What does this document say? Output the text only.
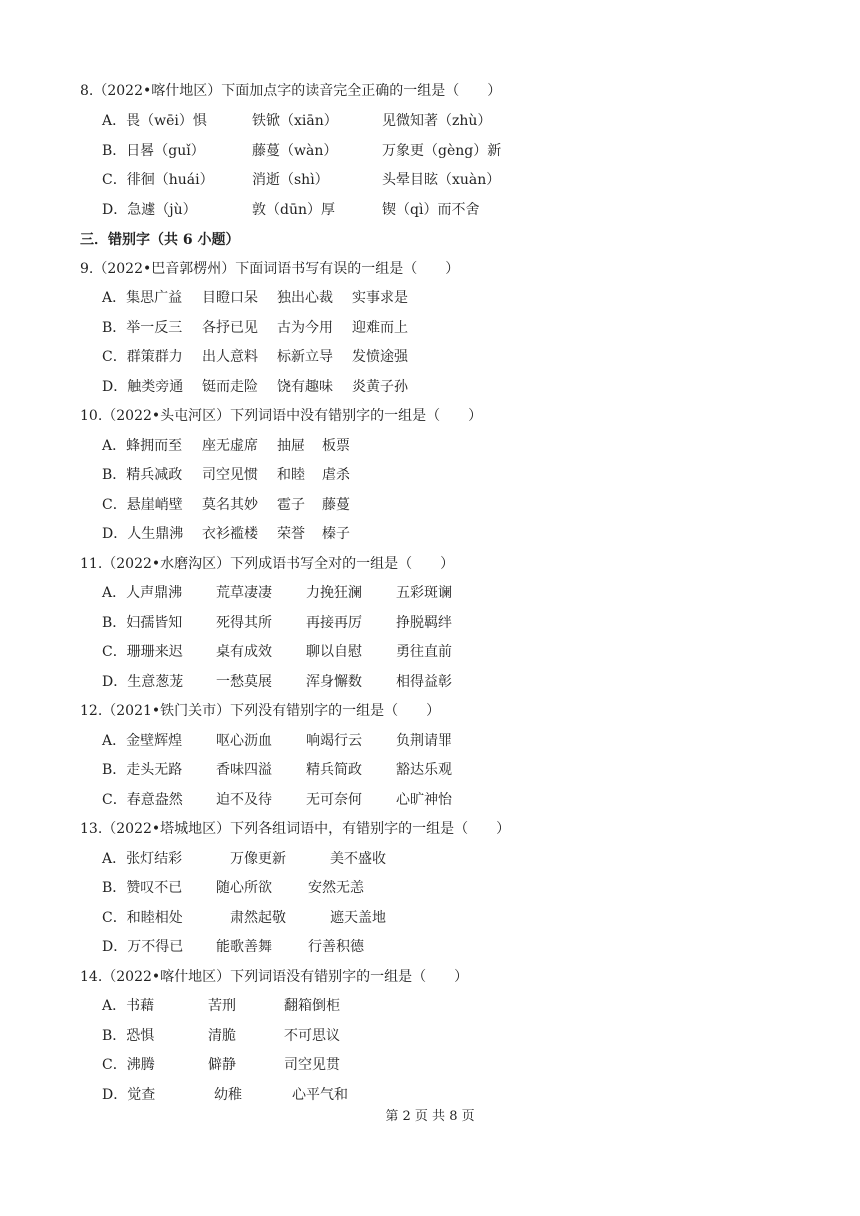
8.（2022•喀什地区）下面加点字的读音完全正确的一组是（　　）
A．畏（wēi）惧	铁锨（xiān）	见微知著（zhù）
B．日晷（guǐ）	藤蔓（wàn）	万象更（gèng）新
C．徘徊（huái）	消逝（shì）	头晕目眩（xuàn）
D．急遽（jù）	敦（dūn）厚	锲（qì）而不舍
三．错别字（共 6 小题）
9.（2022•巴音郭楞州）下面词语书写有误的一组是（　　）
A．集思广益 目瞪口呆 独出心裁 实事求是
B．举一反三 各抒已见 古为今用 迎难而上
C．群策群力 出人意料 标新立导 发愤途强
D．触类旁通 铤而走险 饶有趣味 炎黄子孙
10.（2022•头屯河区）下列词语中没有错别字的一组是（　　）
A．蜂拥而至 座无虚席 抽屉 板票
B．精兵减政 司空见惯 和睦 虐杀
C．悬崖峭壁 莫名其妙 雹子 藤蔓
D．人生鼎沸 衣衫褴楼 荣誉 榛子
11.（2022•水磨沟区）下列成语书写全对的一组是（　　）
A．人声鼎沸 荒草凄凄 力挽狂澜 五彩斑谰
B．妇孺皆知 死得其所 再接再厉 挣脱羁绊
C．珊珊来迟 桌有成效 聊以自慰 勇往直前
D．生意葱茏 一愁莫展 浑身懈数 相得益彰
12.（2021•铁门关市）下列没有错别字的一组是（　　）
A．金壁辉煌 呕心沥血 响竭行云 负荆请罪
B．走头无路 香味四溢 精兵简政 豁达乐观
C．春意盎然 迫不及待 无可奈何 心旷神怡
13.（2022•塔城地区）下列各组词语中，有错别字的一组是（　　）
A．张灯结彩	万像更新	美不盛收
B．赞叹不已 随心所欲	安然无恙
C．和睦相处	肃然起敬	遮天盖地
D．万不得已 能歌善舞	行善积德
14.（2022•喀什地区）下列词语没有错别字的一组是（　　）
A．书藉	苦刑	翻箱倒柜
B．恐惧	清脆	不可思议
C．沸腾	僻静	司空见贯
D．觉查	幼稚	心平气和
第 2 页 共 8 页
